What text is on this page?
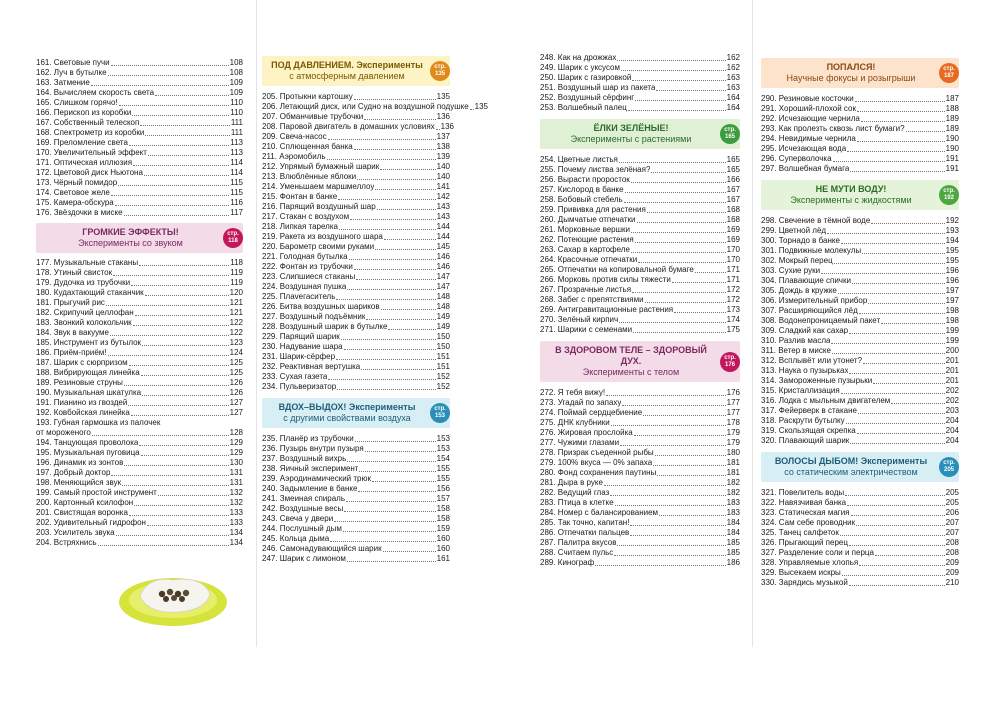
161. Световые пучи	108
162. Луч в бутылке	108
163. Затмение	109
164. Вычисляем скорость света	109
165. Слишком горячо!	110
166. Перископ из коробки	110
167. Собственный телескоп	111
168. Спектрометр из коробки	111
169. Преломление света	113
170. Увеличительный эффект	113
171. Оптическая иллюзия	114
172. Цветовой диск Ньютона	114
173. Чёрный помидор	115
174. Световое желе	115
175. Камера-обскура	116
176. Звёздочки в миске	117
ГРОМКИЕ ЭФФЕКТЫ!
Эксперименты со звуком
стр.
118
177. Музыкальные стаканы	118
178. Утиный свисток	119
179. Дудочка из трубочки	119
180. Кудахтающий стаканчик	120
181. Прыгучий рис	121
182. Скрипучий целлофан	121
183. Звонкий колокольчик	122
184. Звук в вакууме	122
185. Инструмент из бутылок	123
186. Приём-приём!	124
187. Шарик с сюрпризом	125
188. Вибрирующая линейка	125
189. Резиновые струны	126
190. Музыкальная шкатулка	126
191. Пианино из гвоздей	127
192. Ковбойская линейка	127
193. Губная гармошка из палочек
от мороженого	128
194. Танцующая проволока	129
195. Музыкальная пуговица	129
196. Динамик из зонтов	130
197. Добрый доктор	131
198. Меняющийся звук	131
199. Самый простой инструмент	132
200. Картонный ксилофон	132
201. Свистящая воронка	133
202. Удивительный гидрофон	133
203. Усилитель звука	134
204. Встряхнись	134
ПОД ДАВЛЕНИЕМ. Эксперименты
с атмосферным давлением
стр.
135
205. Протыкни картошку	135
206. Летающий диск, или Судно на воздушной подушке 135
207. Обманчивые трубочки	136
208. Паровой двигатель в домашних условиях 136
209. Свеча-насос	137
210. Сплющенная банка	138
211. Аэромобиль	139
212. Упрямый бумажный шарик	140
213. Влюблённые яблоки	140
214. Уменьшаем маршмеллоу	141
215. Фонтан в банке	142
216. Парящий воздушный шар	143
217. Стакан с воздухом	143
218. Липкая тарелка	144
219. Ракета из воздушного шара	144
220. Барометр своими руками	145
221. Голодная бутылка	146
222. Фонтан из трубочки	146
223. Слипшиеся стаканы	147
224. Воздушная пушка	147
225. Плаvегаситель	148
226. Битва воздушных шариков	148
227. Воздушный подъёмник	149
228. Воздушный шарик в бутылке	149
229. Парящий шарик	150
230. Надувание шара	150
231. Шарик-сёрфер	151
232. Реактивная вертушка	151
233. Сухая газета	152
234. Пульверизатор	152
ВДОХ–ВЫДОХ! Эксперименты
с другими свойствами воздуха
стр.
153
235. Планёр из трубочки	153
236. Пузырь внутри пузыря	153
237. Воздушный вихрь	154
238. Яичный эксперимент	155
239. Аэродинамический трюк	155
240. Задымление в банке	156
241. Змеиная спираль	157
242. Воздушные весы	158
243. Свеча у двери	158
244. Послушный дым	159
245. Кольца дыма	160
246. Самонадувающийся шарик	160
247. Шарик с лимоном	161
248. Как на дрожжах	162
249. Шарик с уксусом	162
250. Шарик с газировкой	163
251. Воздушный шар из пакета	163
252. Воздушный сёрфинг	164
253. Волшебный палец	164
ЁЛКИ ЗЕЛЁНЫЕ!
Эксперименты с растениями
стр.
165
254. Цветные листья	165
255. Почему листва зелёная?	165
256. Вырасти проросток	166
257. Кислород в банке	167
258. Бобовый стебель	167
259. Прививка для растения	168
260. Дымчатые отпечатки	168
261. Морковные вершки	169
262. Потеющие растения	169
263. Сахар в картофеле	170
264. Красочные отпечатки	170
265. Отпечатки на копировальной бумаге	171
266. Морковь против силы тяжести	171
267. Прозрачные листья	172
268. Забег с препятствиями	172
269. Антигравитационные растения	173
270. Зелёный кирпич	174
271. Шарики с семенами	175
В ЗДОРОВОМ ТЕЛЕ – ЗДОРОВЫЙ ДУХ.
Эксперименты с телом
стр.
176
272. Я тебя вижу!	176
273. Угадай по запаху	177
274. Поймай сердцебиение	177
275. ДНК клубники	178
276. Жировая прослойка	179
277. Чужими глазами	179
278. Призрак съеденной рыбы	180
279. 100% вкуса — 0% запаха	181
280. Фонд сохранения паутины	181
281. Дыра в руке	182
282. Ведущий глаз	182
283. Птица в клетке	183
284. Номер с балансированием	183
285. Так точно, капитан!	184
286. Отпечатки пальцев	184
287. Палитра вкусов	185
288. Считаем пульс	185
289. Кинограф	186
ПОПАЛСЯ!
Научные фокусы и розыгрыши
стр.
187
290. Резиновые косточки	187
291. Хороший-плохой сок	188
292. Исчезающие чернила	189
293. Как пролезть сквозь лист бумаги?	189
294. Невидимые чернила	190
295. Исчезающая вода	190
296. Суперволочка	191
297. Волшебная бумага	191
НЕ МУТИ ВОДУ!
Эксперименты с жидкостями
стр.
192
298. Свечение в тёмной воде	192
299. Цветной лёд	193
300. Торнадо в банке	194
301. Подвижные молекулы	195
302. Мокрый перец	195
303. Сухие руки	196
304. Плавающие спички	196
305. Дождь в кружке	197
306. Измерительный прибор	197
307. Расширяющийся лёд	198
308. Водонепроницаемый пакет	198
309. Сладкий как сахар	199
310. Разлив масла	199
311. Ветер в миске	200
312. Всплывёт или утонет?	201
313. Наука о пузырьках	201
314. Замороженные пузырьки	201
315. Кристаллизация	202
316. Лодка с мыльным двигателем	202
317. Фейерверк в стакане	203
318. Раскрути бутылку	204
319. Скользящая скрепка	204
320. Плавающий шарик	204
ВОЛОСЫ ДЫБОМ! Эксперименты
со статическим электричеством
стр.
205
321. Повелитель воды	205
322. Навязчивая банка	205
323. Статическая магия	206
324. Сам себе проводник	207
325. Танец салфеток	207
326. Прыгающий перец	208
327. Разделение соли и перца	208
328. Управляемые хлопья	209
329. Высекаем искры	209
330. Зарядись музыкой	210
